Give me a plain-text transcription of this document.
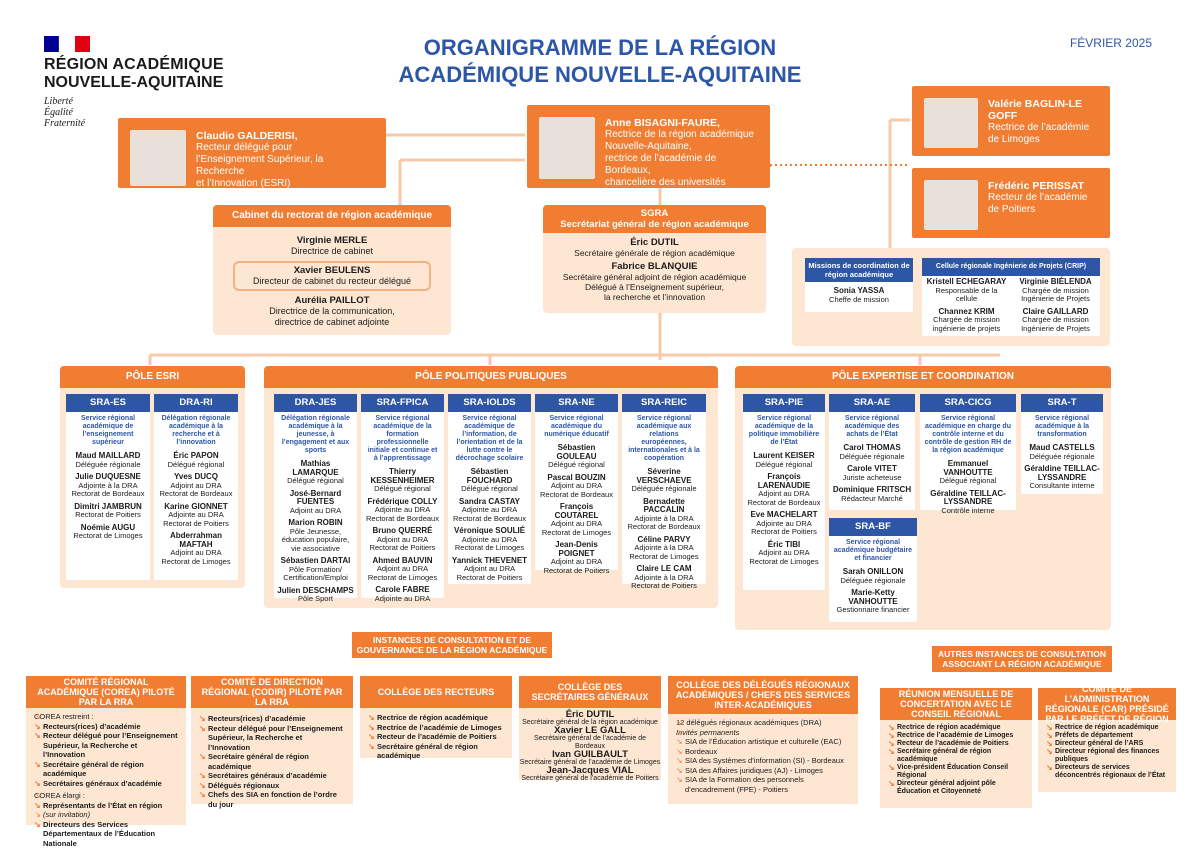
RÉGION ACADÉMIQUE
NOUVELLE-AQUITAINE
Liberté
Égalité
Fraternité
ORGANIGRAMME DE LA RÉGION
ACADÉMIQUE NOUVELLE-AQUITAINE
FÉVRIER 2025
Claudio GALDERISI,
Recteur délégué pour
l’Enseignement Supérieur, la Recherche
et l’Innovation (ESRI)
Anne BISAGNI-FAURE,
Rectrice de la région académique
Nouvelle-Aquitaine,
rectrice de l’académie de Bordeaux,
chancelière des universités
Valérie BAGLIN-LE GOFF
Rectrice de l’académie
de Limoges
Frédéric PERISSAT
Recteur de l’académie
de Poitiers
Cabinet du rectorat de région académique
Virginie MERLE
Directrice de cabinet
Xavier BEULENS
Directeur de cabinet du recteur délégué
Aurélia PAILLOT
Directrice de la communication,
directrice de cabinet adjointe
SGRA
Secrétariat général de région académique
Éric DUTIL
Secrétaire générale de région académique
Fabrice BLANQUIE
Secrétaire général adjoint de région académique
Délégué à l’Enseignement supérieur,
la recherche et l’innovation
Missions de coordination de région académique
Sonia YASSA
Cheffe de mission
Cellule régionale Ingénierie de Projets (CRIP)
Kristell ECHEGARAY
Responsable de la cellule
Virginie BIÉLENDA
Chargée de mission Ingénierie de Projets
Channez KRIM
Chargée de mission ingénierie de projets
Claire GAILLARD
Chargée de mission Ingénierie de Projets
PÔLE ESRI
SRA-ES
Service régional académique de l’enseignement supérieur
Maud MAILLARD
Déléguée régionale
Julie DUQUESNE
Adjointe à la DRA Rectorat de Bordeaux
Dimitri JAMBRUN
Rectorat de Poitiers
Noémie AUGU
Rectorat de Limoges
DRA-RI
Délégation régionale académique à la recherche et à l’innovation
Éric PAPON
Délégué régional
Yves DUCQ
Adjoint au DRA Rectorat de Bordeaux
Karine GIONNET
Adjointe au DRA Rectorat de Poitiers
Abderrahman MAFTAH
Adjoint au DRA Rectorat de Limoges
PÔLE POLITIQUES PUBLIQUES
DRA-JES
Délégation régionale académique à la jeunesse, à l’engagement et aux sports
Mathias LAMARQUE
Délégué régional
José-Bernard FUENTES
Adjoint au DRA
Marion ROBIN
Pôle Jeunesse, éducation populaire, vie associative
Sébastien DARTAI
Pôle Formation/ Certification/Emploi
Julien DESCHAMPS
Pôle Sport
SRA-FPICA
Service régional académique de la formation professionnelle initiale et continue et à l’apprentissage
Thierry KESSENHEIMER
Délégué régional
Frédérique COLLY
Adjointe au DRA Rectorat de Bordeaux
Bruno QUERRÉ
Adjoint au DRA Rectorat de Poitiers
Ahmed BAUVIN
Adjoint au DRA Rectorat de Limoges
Carole FABRE
Adjointe au DRA
SRA-IOLDS
Service régional académique de l’information, de l’orientation et de la lutte contre le décrochage scolaire
Sébastien FOUCHARD
Délégué régional
Sandra CASTAY
Adjointe au DRA Rectorat de Bordeaux
Véronique SOULIÉ
Adjointe au DRA Rectorat de Limoges
Yannick THEVENET
Adjoint au DRA Rectorat de Poitiers
SRA-NE
Service régional académique du numérique éducatif
Sébastien GOULEAU
Délégué régional
Pascal BOUZIN
Adjoint au DRA Rectorat de Bordeaux
François COUTAREL
Adjoint au DRA Rectorat de Limoges
Jean-Denis POIGNET
Adjoint au DRA Rectorat de Poitiers
SRA-REIC
Service régional académique aux relations européennes, internationales et à la coopération
Séverine VERSCHAEVE
Déléguée régionale
Bernadette PACCALIN
Adjointe à la DRA Rectorat de Bordeaux
Céline PARVY
Adjointe à la DRA Rectorat de Limoges
Claire LE CAM
Adjointe à la DRA Rectorat de Poitiers
PÔLE EXPERTISE ET COORDINATION
SRA-PIE
Service régional académique de la politique immobilière de l’État
Laurent KEISER
Délégué régional
François LARENAUDIE
Adjoint au DRA Rectorat de Bordeaux
Eve MACHELART
Adjointe au DRA Rectorat de Poitiers
Éric TIBI
Adjoint au DRA Rectorat de Limoges
SRA-AE
Service régional académique des achats de l’État
Carol THOMAS
Déléguée régionale
Carole VITET
Juriste acheteuse
Dominique FRITSCH
Rédacteur Marché
SRA-CICG
Service régional académique en charge du contrôle interne et du contrôle de gestion RH de la région académique
Emmanuel VANHOUTTE
Délégué régional
Géraldine TEILLAC-LYSSANDRE
Contrôle interne
SRA-T
Service régional académique à la transformation
Maud CASTELLS
Déléguée régionale
Géraldine TEILLAC-LYSSANDRE
Consultante interne
SRA-BF
Service régional académique budgétaire et financier
Sarah ONILLON
Déléguée régionale
Marie-Ketty VANHOUTTE
Gestionnaire financier
INSTANCES DE CONSULTATION ET DE GOUVERNANCE DE LA RÉGION ACADÉMIQUE	AUTRES INSTANCES DE CONSULTATION ASSOCIANT LA RÉGION ACADÉMIQUE
COMITÉ RÉGIONAL ACADÉMIQUE (COREA) PILOTÉ PAR LA RRA
↘ COREA restreint :
↘ Recteurs(rices) d’académie
↘ Recteur délégué pour l’Enseignement Supérieur, la Recherche et l’Innovation
↘ Secrétaire général de région académique
↘ Secrétaires généraux d’académie
↘ COREA élargi :
↘ Représentants de l’État en région
↘ (sur invitation)
↘ Directeurs des Services Départementaux de l’Éducation Nationale
COMITÉ DE DIRECTION RÉGIONAL (CODIR) PILOTÉ PAR LA RRA
↘ Recteurs(rices) d’académie
↘ Recteur délégué pour l’Enseignement Supérieur, la Recherche et l’Innovation
↘ Secrétaire général de région académique
↘ Secrétaires généraux d’académie
↘ Délégués régionaux
↘ Chefs des SIA en fonction de l’ordre du jour
COLLÈGE DES RECTEURS
↘ Rectrice de région académique
↘ Rectrice de l’académie de Limoges
↘ Recteur de l’académie de Poitiers
↘ Secrétaire général de région académique
COLLÈGE DES SECRÉTAIRES GÉNÉRAUX
Éric DUTIL
Secrétaire général de la région académique
Xavier LE GALL
Secrétaire général de l’académie de Bordeaux
Ivan GUILBAULT
Secrétaire général de l’académie de Limoges
Jean-Jacques VIAL
Secrétaire général de l’académie de Poitiers
COLLÈGE DES DÉLÉGUÉS RÉGIONAUX ACADÉMIQUES / CHEFS DES SERVICES INTER-ACADÉMIQUES
↘ 12 délégués régionaux académiques (DRA)
↘ Invités permanents
↘ SIA de l’Éducation artistique et culturelle (EAC)
↘ Bordeaux
↘ SIA des Systèmes d’information (SI) - Bordeaux
↘ SIA des Affaires juridiques (AJ) - Limoges
↘ SIA de la Formation des personnels d’encadrement (FPE) - Poitiers
RÉUNION MENSUELLE DE CONCERTATION AVEC LE CONSEIL RÉGIONAL
↘ Rectrice de région académique
↘ Rectrice de l’académie de Limoges
↘ Recteur de l’académie de Poitiers
↘ Secrétaire général de région académique
↘ Vice-président Éducation Conseil Régional
↘ Directeur général adjoint pôle Éducation et Citoyenneté
COMITÉ DE L’ADMINISTRATION RÉGIONALE (CAR) PRÉSIDÉ PAR LE PRÉFET DE RÉGION
↘ Rectrice de région académique
↘ Préfets de département
↘ Directeur général de l’ARS
↘ Directeur régional des finances publiques
↘ Directeurs de services déconcentrés régionaux de l’État
